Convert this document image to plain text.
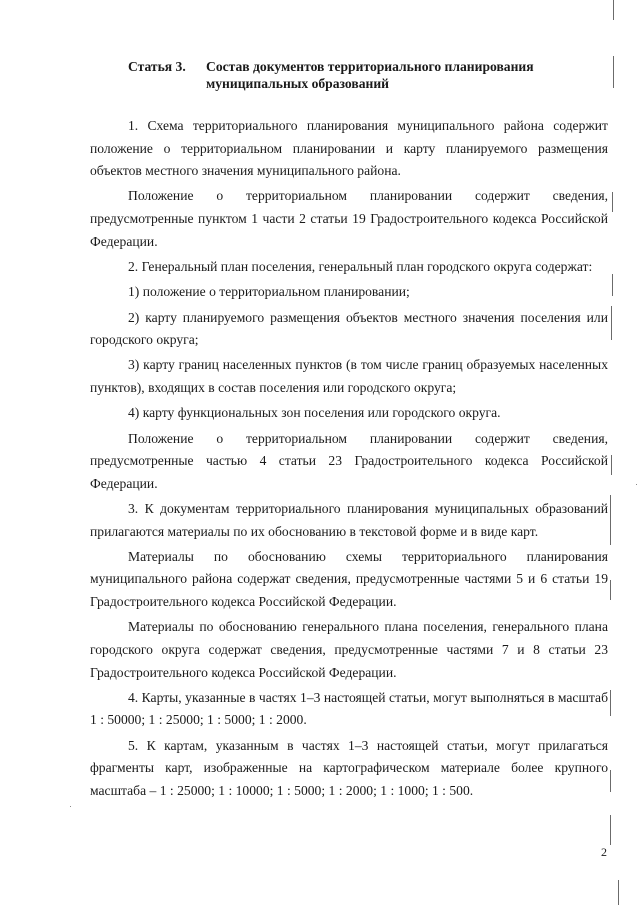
Статья 3. Состав документов территориального планирования муниципальных образований

1. Схема территориального планирования муниципального района содержит положение о территориальном планировании и карту планируемого размещения объектов местного значения муниципального района.

Положение о территориальном планировании содержит сведения, предусмотренные пунктом 1 части 2 статьи 19 Градостроительного кодекса Российской Федерации.

2. Генеральный план поселения, генеральный план городского округа содержат:

1) положение о территориальном планировании;

2) карту планируемого размещения объектов местного значения поселения или городского округа;

3) карту границ населенных пунктов (в том числе границ образуемых населенных пунктов), входящих в состав поселения или городского округа;

4) карту функциональных зон поселения или городского округа.

Положение о территориальном планировании содержит сведения, предусмотренные частью 4 статьи 23 Градостроительного кодекса Российской Федерации.

3. К документам территориального планирования муниципальных образований прилагаются материалы по их обоснованию в текстовой форме и в виде карт.

Материалы по обоснованию схемы территориального планирования муниципального района содержат сведения, предусмотренные частями 5 и 6 статьи 19 Градостроительного кодекса Российской Федерации.

Материалы по обоснованию генерального плана поселения, генерального плана городского округа содержат сведения, предусмотренные частями 7 и 8 статьи 23 Градостроительного кодекса Российской Федерации.

4. Карты, указанные в частях 1–3 настоящей статьи, могут выполняться в масштаб 1 : 50000; 1 : 25000; 1 : 5000; 1 : 2000.

5. К картам, указанным в частях 1–3 настоящей статьи, могут прилагаться фрагменты карт, изображенные на картографическом материале более крупного масштаба – 1 : 25000; 1 : 10000; 1 : 5000; 1 : 2000; 1 : 1000; 1 : 500.

2
